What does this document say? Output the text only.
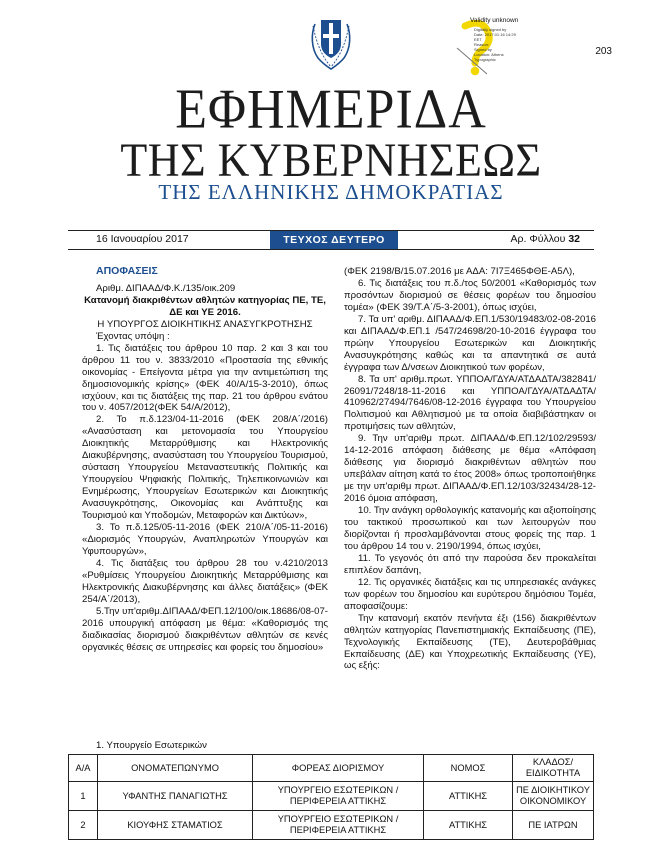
203
Validity unknown
Digitally signed by
Date: 2017.01.16 14:29
EET
Reason:
Signed by
Location: Athens
Typographic
ΕΦΗΜΕΡΙΔΑ
ΤΗΣ ΚΥΒΕΡΝΗΣΕΩΣ
ΤΗΣ ΕΛΛΗΝΙΚΗΣ ΔΗΜΟΚΡΑΤΙΑΣ
16 Ιανουαρίου 2017	ΤΕΥΧΟΣ ΔΕΥΤΕΡΟ	Αρ. Φύλλου 32

ΑΠΟΦΑΣΕΙΣ

Αριθμ. ΔΙΠΑΑΔ/Φ.Κ./135/οικ.209

Κατανομή διακριθέντων αθλητών κατηγορίας ΠΕ, ΤΕ, ΔΕ και ΥΕ 2016.

Η ΥΠΟΥΡΓΟΣ ΔΙΟΙΚΗΤΙΚΗΣ ΑΝΑΣΥΓΚΡΟΤΗΣΗΣ

Έχοντας υπόψη :

1. Τις διατάξεις του άρθρου 10 παρ. 2 και 3 και του άρθρου 11 του ν. 3833/2010 «Προστασία της εθνικής οικονομίας - Επείγοντα μέτρα για την αντιμετώπιση της δημοσιονομικής κρίσης» (ΦΕΚ 40/Α/15-3-2010), όπως ισχύουν, και τις διατάξεις της παρ. 21 του άρθρου ενάτου του ν. 4057/2012(ΦΕΚ 54/Α/2012),

2. Το π.δ.123/04-11-2016 (ΦΕΚ 208/Α΄/2016) «Ανασύσταση και μετονομασία του Υπουργείου Διοικητικής Μεταρρύθμισης και Ηλεκτρονικής Διακυβέρνησης, ανασύσταση του Υπουργείου Τουρισμού, σύσταση Υπουργείου Μεταναστευτικής Πολιτικής και Υπουργείου Ψηφιακής Πολιτικής, Τηλεπικοινωνιών και Ενημέρωσης, Υπουργείων Εσωτερικών και Διοικητικής Ανασυγκρότησης, Οικονομίας και Ανάπτυξης και Τουρισμού και Υποδομών, Μεταφορών και Δικτύων»,

3. Το π.δ.125/05-11-2016 (ΦΕΚ 210/Α΄/05-11-2016) «Διορισμός Υπουργών, Αναπληρωτών Υπουργών και Υφυπουργών»,

4. Τις διατάξεις του άρθρου 28 του ν.4210/2013 «Ρυθμίσεις Υπουργείου Διοικητικής Μεταρρύθμισης και Ηλεκτρονικής Διακυβέρνησης και άλλες διατάξεις» (ΦΕΚ 254/Α΄/2013),

5.Την υπ'αριθμ.ΔΙΠΑΑΔ/ΦΕΠ.12/100/οικ.18686/08-07-2016 υπουργική απόφαση με θέμα: «Καθορισμός της διαδικασίας διορισμού διακριθέντων αθλητών σε κενές οργανικές θέσεις σε υπηρεσίες και φορείς του δημοσίου»

(ΦΕΚ 2198/Β/15.07.2016 με ΑΔΑ: 7Ι7Ξ465ΦΘΕ-Α5Λ),

6. Τις διατάξεις του π.δ./τος 50/2001 «Καθορισμός των προσόντων διορισμού σε θέσεις φορέων του δημοσίου τομέα» (ΦΕΚ 39/Τ.Α΄/5-3-2001), όπως ισχύει,

7. Τα υπ' αριθμ. ΔΙΠΑΑΔ/Φ.ΕΠ.1/530/19483/02-08-2016 και ΔΙΠΑΑΔ/Φ.ΕΠ.1 /547/24698/20-10-2016 έγγραφα του πρώην Υπουργείου Εσωτερικών και Διοικητικής Ανασυγκρότησης καθώς και τα απαντητικά σε αυτά έγγραφα των Δ/νσεων Διοικητικού των φορέων,

8. Τα υπ' αριθμ.πρωτ. ΥΠΠΟΑ/ΓΔΥΑ/ΑΤΔΑΔΤΑ/382841/ 26091/7248/18-11-2016 και ΥΠΠΟΑ/ΓΔΥΑ/ΑΤΔΑΔΤΑ/ 410962/27494/7646/08-12-2016 έγγραφα του Υπουργείου Πολιτισμού και Αθλητισμού με τα οποία διαβιβάστηκαν οι προτιμήσεις των αθλητών,

9. Την υπ'αριθμ πρωτ. ΔΙΠΑΑΔ/Φ.ΕΠ.12/102/29593/ 14-12-2016 απόφαση διάθεσης με θέμα «Απόφαση διάθεσης για διορισμό διακριθέντων αθλητών που υπεβάλαν αίτηση κατά το έτος 2008» όπως τροποποιήθηκε με την υπ'αριθμ πρωτ. ΔΙΠΑΑΔ/Φ.ΕΠ.12/103/32434/28-12-2016 όμοια απόφαση,

10. Την ανάγκη ορθολογικής κατανομής και αξιοποίησης του τακτικού προσωπικού και των λειτουργών που διορίζονται ή προσλαμβάνονται στους φορείς της παρ. 1 του άρθρου 14 του ν. 2190/1994, όπως ισχύει,

11. Το γεγονός ότι από την παρούσα δεν προκαλείται επιπλέον δαπάνη,

12. Τις οργανικές διατάξεις και τις υπηρεσιακές ανάγκες των φορέων του δημοσίου και ευρύτερου δημόσιου Τομέα, αποφασίζουμε:

Την κατανομή εκατόν πενήντα έξι (156) διακριθέντων αθλητών κατηγορίας Πανεπιστημιακής Εκπαίδευσης (ΠΕ), Τεχνολογικής Εκπαίδευσης (ΤΕ), Δευτεροβάθμιας Εκπαίδευσης (ΔΕ) και Υποχρεωτικής Εκπαίδευσης (ΥΕ), ως εξής:

1. Υπουργείο Εσωτερικών
Α/Α	ΟΝΟΜΑΤΕΠΩΝΥΜΟ	ΦΟΡΕΑΣ ΔΙΟΡΙΣΜΟΥ	ΝΟΜΟΣ	ΚΛΑΔΟΣ/ ΕΙΔΙΚΟΤΗΤΑ
1	ΥΦΑΝΤΗΣ ΠΑΝΑΓΙΩΤΗΣ	ΥΠΟΥΡΓΕΙΟ ΕΣΩΤΕΡΙΚΩΝ / ΠΕΡΙΦΕΡΕΙΑ ΑΤΤΙΚΗΣ	ΑΤΤΙΚΗΣ	ΠΕ ΔΙΟΙΚΗΤΙΚΟΥ ΟΙΚΟΝΟΜΙΚΟΥ
2	ΚΙΟΥΦΗΣ ΣΤΑΜΑΤΙΟΣ	ΥΠΟΥΡΓΕΙΟ ΕΣΩΤΕΡΙΚΩΝ / ΠΕΡΙΦΕΡΕΙΑ ΑΤΤΙΚΗΣ	ΑΤΤΙΚΗΣ	ΠΕ ΙΑΤΡΩΝ
